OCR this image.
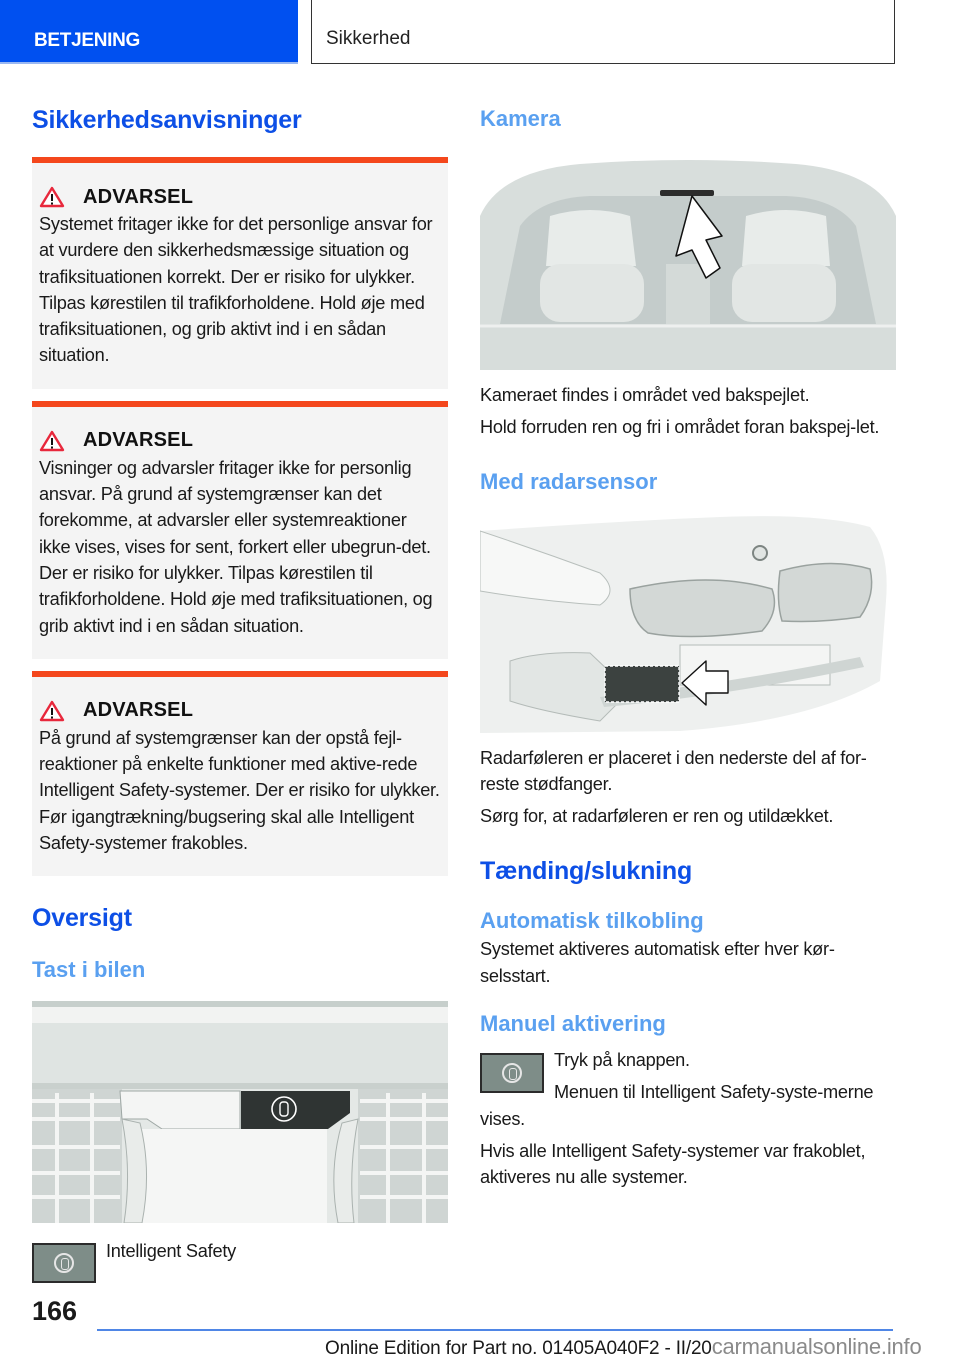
BETJENING	Sikkerhed
Sikkerhedsanvisninger
ADVARSEL

Systemet fritager ikke for det personlige ansvar for at vurdere den sikkerhedsmæssige situation og trafiksituationen korrekt. Der er risiko for ulykker. Tilpas kørestilen til trafikforholdene. Hold øje med trafiksituationen, og grib aktivt ind i en sådan situation.

ADVARSEL

Visninger og advarsler fritager ikke for personlig ansvar. På grund af systemgrænser kan det forekomme, at advarsler eller systemreaktioner ikke vises, vises for sent, forkert eller ubegrun-det. Der er risiko for ulykker. Tilpas kørestilen til trafikforholdene. Hold øje med trafiksituationen, og grib aktivt ind i en sådan situation.

ADVARSEL

På grund af systemgrænser kan der opstå fejl-reaktioner på enkelte funktioner med aktive-rede Intelligent Safety-systemer. Der er risiko for ulykker. Før igangtrækning/bugsering skal alle Intelligent Safety-systemer frakobles.

Oversigt
Tast i bilen
Intelligent Safety
Kamera

Kameraet findes i området ved bakspejlet.

Hold forruden ren og fri i området foran bakspej-let.

Med radarsensor

Radarføleren er placeret i den nederste del af for-reste stødfanger.

Sørg for, at radarføleren er ren og utildækket.

Tænding/slukning
Automatisk tilkobling

Systemet aktiveres automatisk efter hver kør-selsstart.

Manuel aktivering

Tryk på knappen.

Menuen til Intelligent Safety-syste-merne vises.

Hvis alle Intelligent Safety-systemer var frakoblet, aktiveres nu alle systemer.

166
Online Edition for Part no. 01405A040F2 - II/20carmanualsonline.info
